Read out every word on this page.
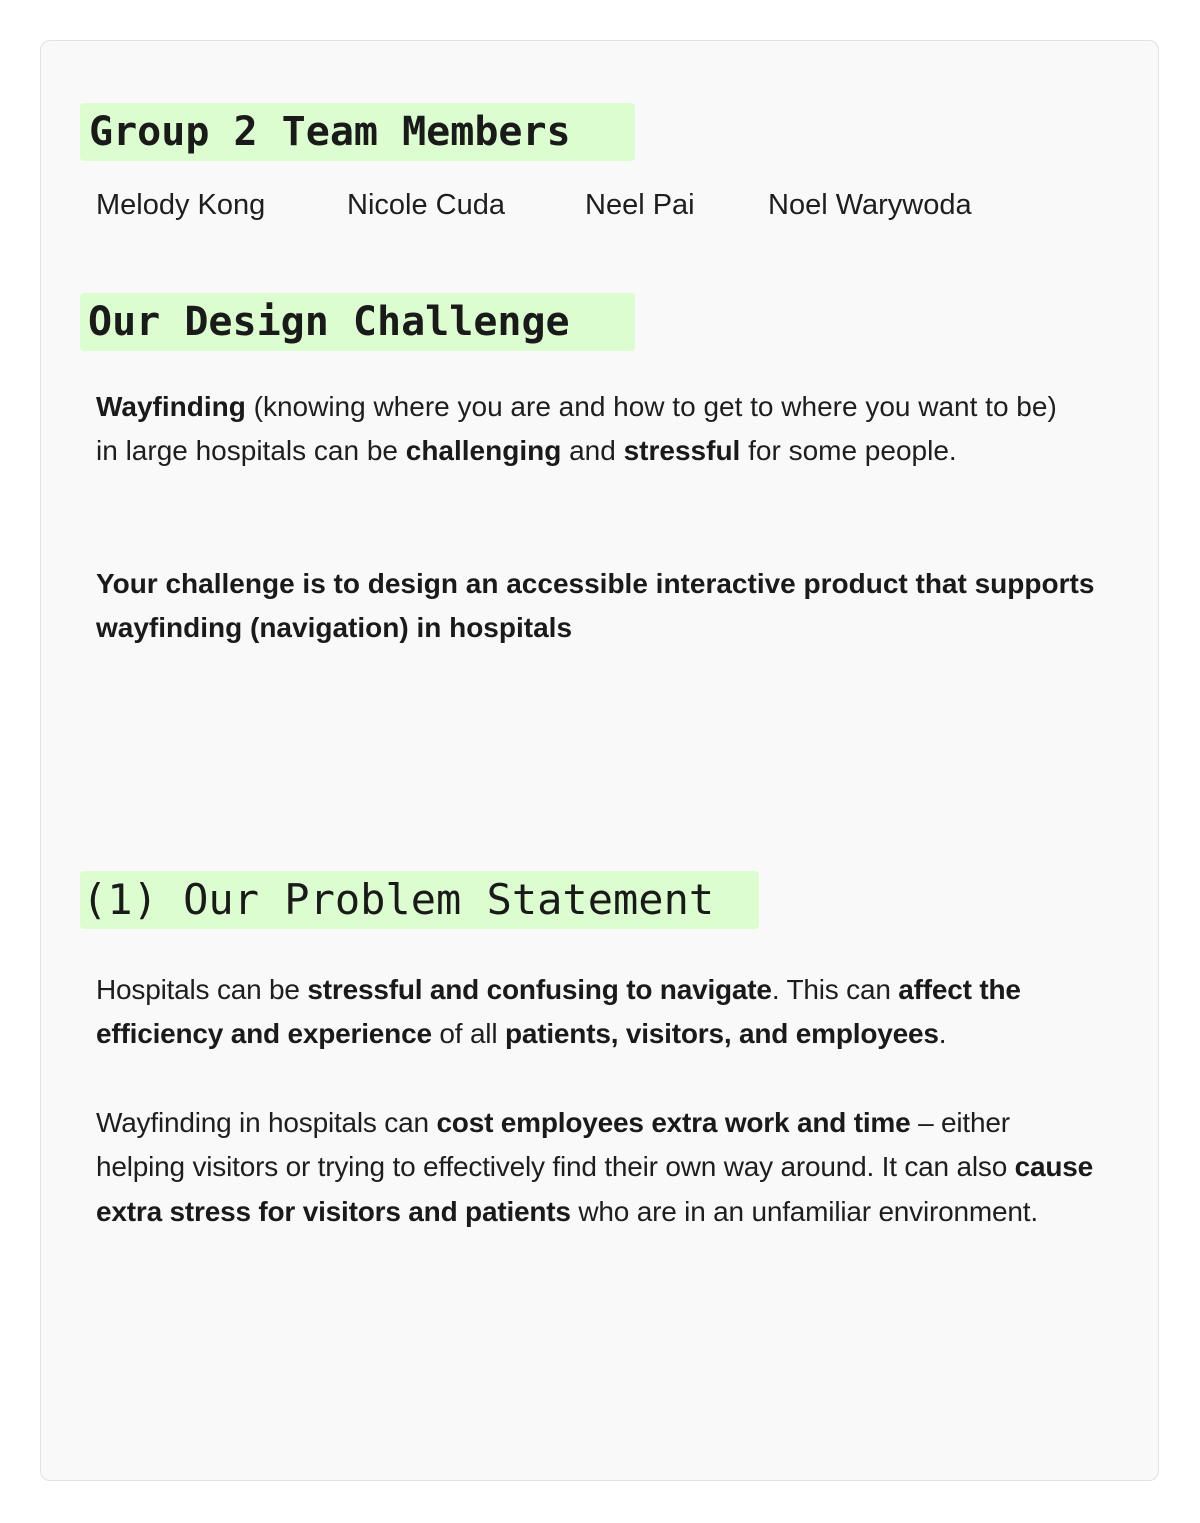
Group 2 Team Members
Melody Kong	Nicole Cuda	Neel Pai	Noel Warywoda
Our Design Challenge

Wayfinding (knowing where you are and how to get to where you want to be) in large hospitals can be challenging and stressful for some people.

Your challenge is to design an accessible interactive product that supports wayfinding (navigation) in hospitals

(1) Our Problem Statement

Hospitals can be stressful and confusing to navigate. This can affect the efficiency and experience of all patients, visitors, and employees.

Wayfinding in hospitals can cost employees extra work and time – either helping visitors or trying to effectively find their own way around. It can also cause extra stress for visitors and patients who are in an unfamiliar environment.
